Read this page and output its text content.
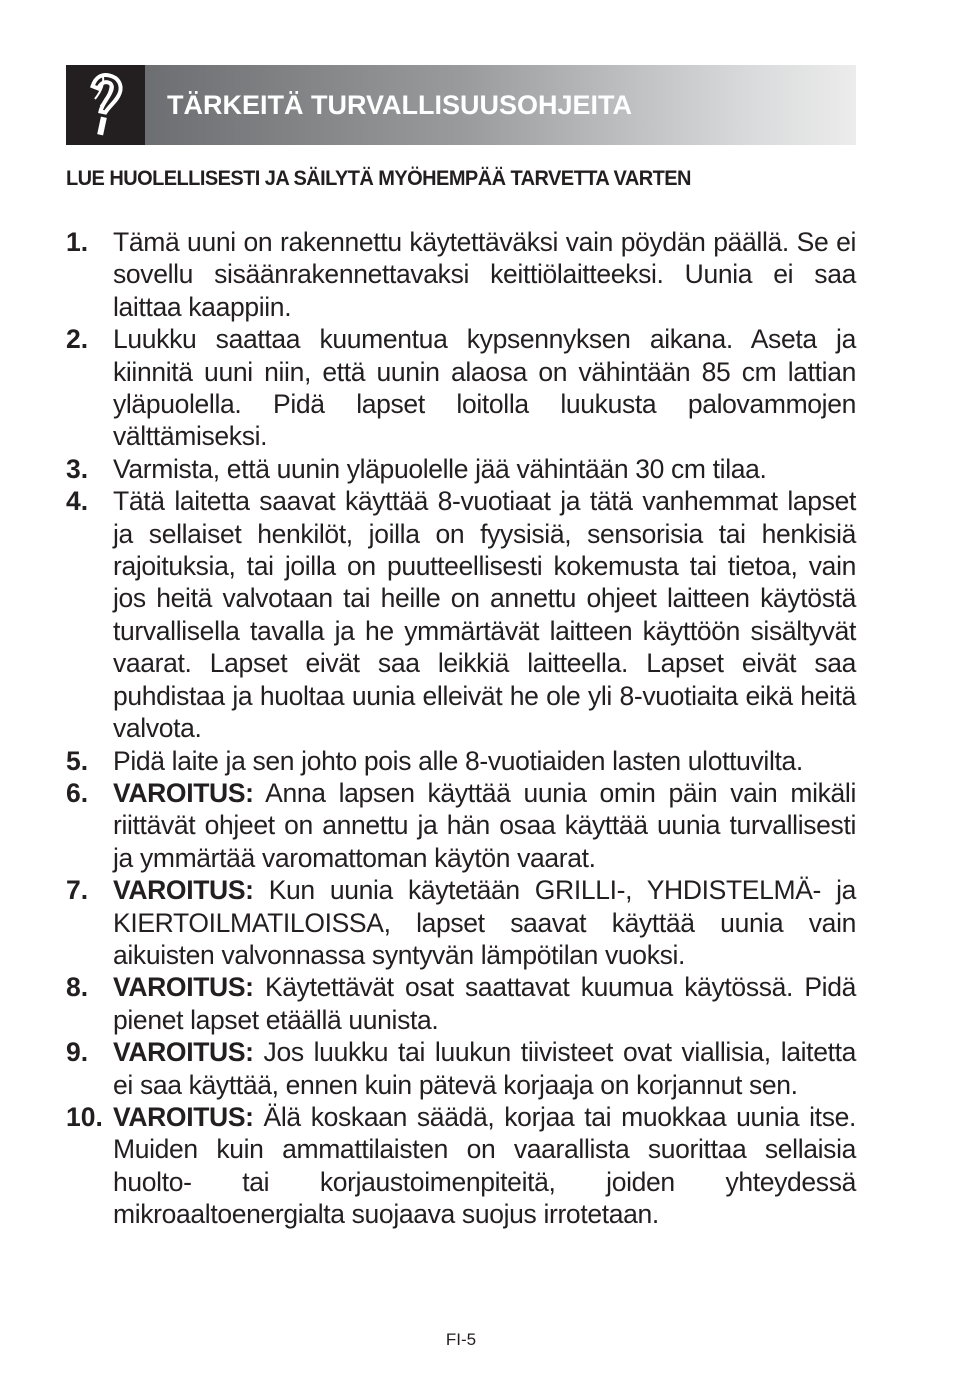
TÄRKEITÄ TURVALLISUUSOHJEITA
LUE HUOLELLISESTI JA SÄILYTÄ MYÖHEMPÄÄ TARVETTA VARTEN
1. Tämä uuni on rakennettu käytettäväksi vain pöydän päällä. Se ei sovellu sisäänrakennettavaksi keittiölaitteeksi. Uunia ei saa laittaa kaappiin.
2. Luukku saattaa kuumentua kypsennyksen aikana. Aseta ja kiinnitä uuni niin, että uunin alaosa on vähintään 85 cm lattian yläpuolella. Pidä lapset loitolla luukusta palovammojen välttämiseksi.
3. Varmista, että uunin yläpuolelle jää vähintään 30 cm tilaa.
4. Tätä laitetta saavat käyttää 8-vuotiaat ja tätä vanhemmat lapset ja sellaiset henkilöt, joilla on fyysisiä, sensorisia tai henkisiä rajoituksia, tai joilla on puutteellisesti kokemusta tai tietoa, vain jos heitä valvotaan tai heille on annettu ohjeet laitteen käytöstä turvallisella tavalla ja he ymmärtävät laitteen käyttöön sisältyvät vaarat. Lapset eivät saa leikkiä laitteella. Lapset eivät saa puhdistaa ja huoltaa uunia elleivät he ole yli 8-vuotiaita eikä heitä valvota.
5. Pidä laite ja sen johto pois alle 8-vuotiaiden lasten ulottuvilta.
6. VAROITUS: Anna lapsen käyttää uunia omin päin vain mikäli riittävät ohjeet on annettu ja hän osaa käyttää uunia turvallisesti ja ymmärtää varomattoman käytön vaarat.
7. VAROITUS: Kun uunia käytetään GRILLI-, YHDISTELMÄ- ja KIERTOILMATILOISSA, lapset saavat käyttää uunia vain aikuisten valvonnassa syntyvän lämpötilan vuoksi.
8. VAROITUS: Käytettävät osat saattavat kuumua käytössä. Pidä pienet lapset etäällä uunista.
9. VAROITUS: Jos luukku tai luukun tiivisteet ovat viallisia, laitetta ei saa käyttää, ennen kuin pätevä korjaaja on korjannut sen.
10. VAROITUS: Älä koskaan säädä, korjaa tai muokkaa uunia itse. Muiden kuin ammattilaisten on vaarallista suorittaa sellaisia huolto- tai korjaustoimenpiteitä, joiden yhteydessä mikroaaltoenergialta suojaava suojus irrotetaan.
FI-5
